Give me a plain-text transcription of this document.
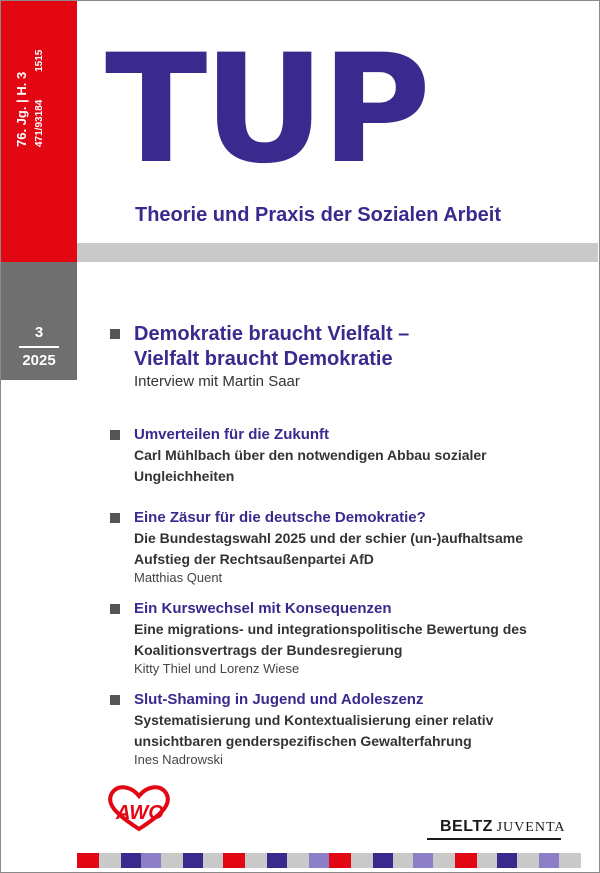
76. Jg. | H. 3 471/93184          1515
3
2025
TUP
Theorie und Praxis der Sozialen Arbeit
Demokratie braucht Vielfalt –
Vielfalt braucht Demokratie
Interview mit Martin Saar
Umverteilen für die Zukunft
Carl Mühlbach über den notwendigen Abbau sozialer
Ungleichheiten
Eine Zäsur für die deutsche Demokratie?
Die Bundestagswahl 2025 und der schier (un-)aufhaltsame
Aufstieg der Rechtsaußenpartei AfD
Matthias Quent
Ein Kurswechsel mit Konsequenzen
Eine migrations- und integrationspolitische Bewertung des
Koalitionsvertrags der Bundesregierung
Kitty Thiel und Lorenz Wiese
Slut-Shaming in Jugend und Adoleszenz
Systematisierung und Kontextualisierung einer relativ
unsichtbaren genderspezifischen Gewalterfahrung
Ines Nadrowski
AWO
BELTZ JUVENTA
